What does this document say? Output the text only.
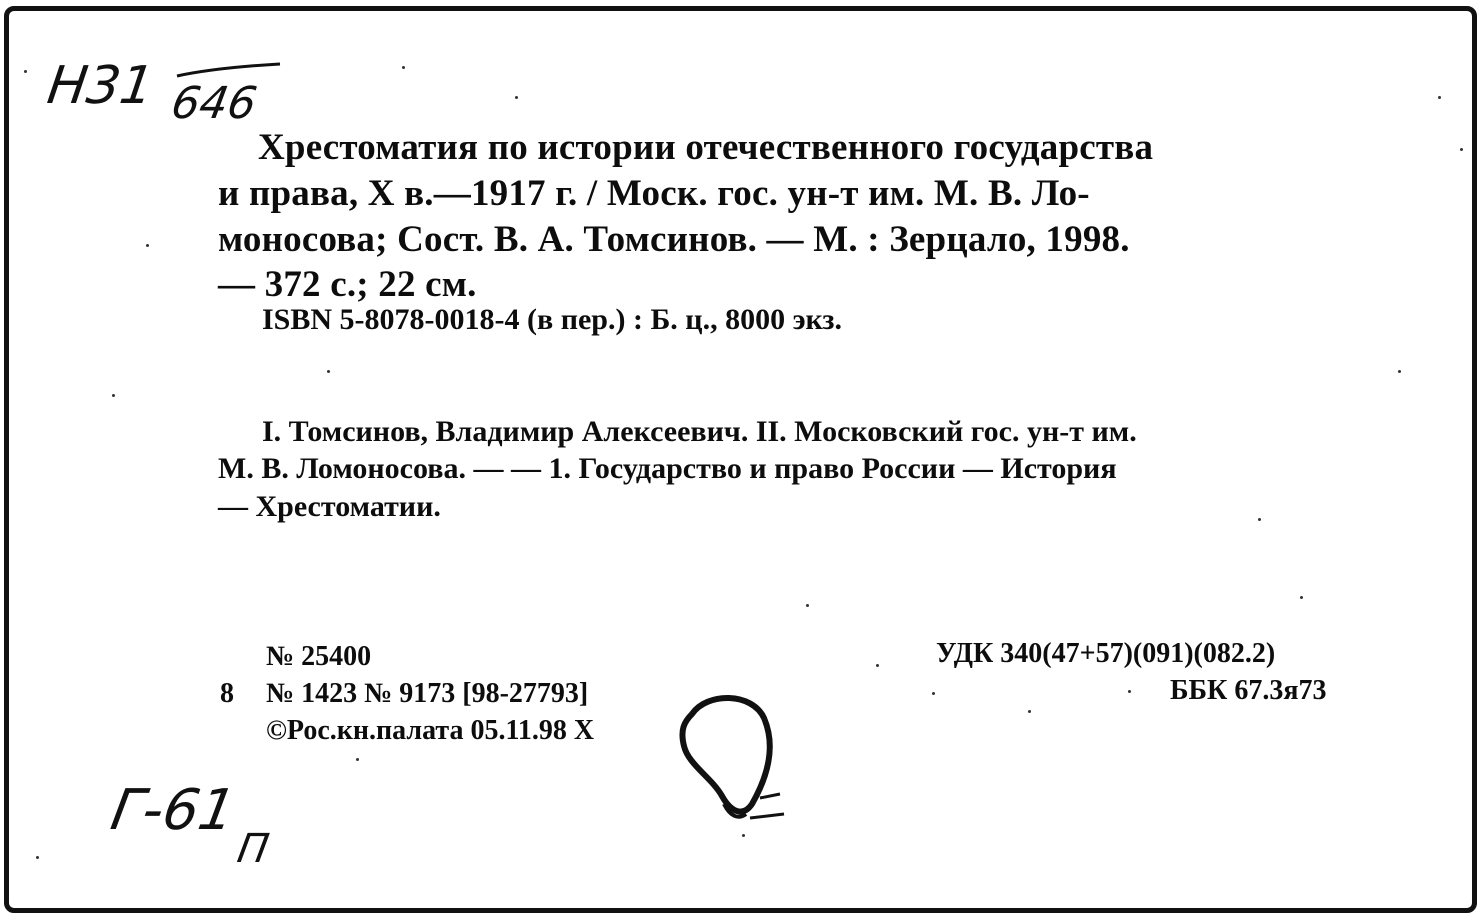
Н31 646
Хрестоматия по истории отечественного государства
и права, X в.—1917 г. / Моск. гос. ун-т им. М. В. Ло-
моносова; Сост. В. А. Томсинов. — М. : Зерцало, 1998.
— 372 с.; 22 см.
ISBN 5-8078-0018-4 (в пер.) : Б. ц., 8000 экз.
I. Томсинов, Владимир Алексеевич. II. Московский гос. ун-т им.
М. В. Ломоносова. — — 1. Государство и право России — История
— Хрестоматии.
№ 25400
8 № 1423 № 9173 [98-27793]
©Рос.кн.палата 05.11.98 Х
УДК 340(47+57)(091)(082.2)
ББК 67.3я73
Г-61
П
